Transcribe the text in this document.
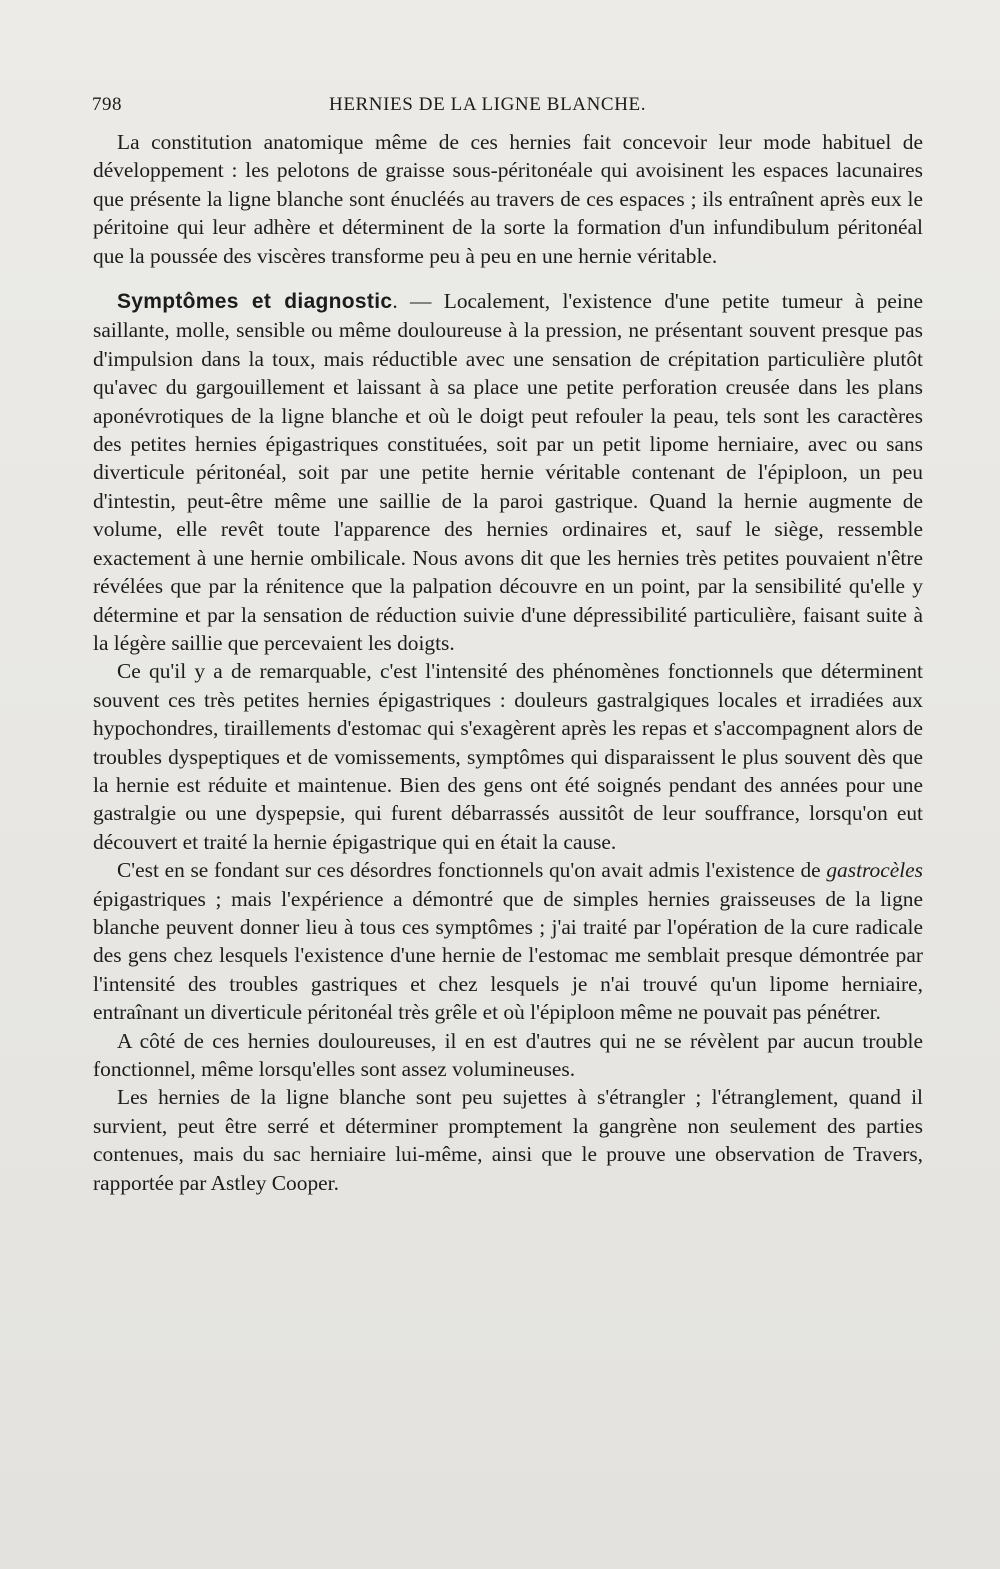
798	HERNIES DE LA LIGNE BLANCHE.

La constitution anatomique même de ces hernies fait concevoir leur mode habituel de développement : les pelotons de graisse sous-péritonéale qui avoisinent les espaces lacunaires que présente la ligne blanche sont énucléés au travers de ces espaces ; ils entraînent après eux le péritoine qui leur adhère et déterminent de la sorte la formation d'un infundibulum péritonéal que la poussée des viscères transforme peu à peu en une hernie véritable.

Symptômes et diagnostic. — Localement, l'existence d'une petite tumeur à peine saillante, molle, sensible ou même douloureuse à la pression, ne présentant souvent presque pas d'impulsion dans la toux, mais réductible avec une sensation de crépitation particulière plutôt qu'avec du gargouillement et laissant à sa place une petite perforation creusée dans les plans aponévrotiques de la ligne blanche et où le doigt peut refouler la peau, tels sont les caractères des petites hernies épigastriques constituées, soit par un petit lipome herniaire, avec ou sans diverticule péritonéal, soit par une petite hernie véritable contenant de l'épiploon, un peu d'intestin, peut-être même une saillie de la paroi gastrique. Quand la hernie augmente de volume, elle revêt toute l'apparence des hernies ordinaires et, sauf le siège, ressemble exactement à une hernie ombilicale. Nous avons dit que les hernies très petites pouvaient n'être révélées que par la rénitence que la palpation découvre en un point, par la sensibilité qu'elle y détermine et par la sensation de réduction suivie d'une dépressibilité particulière, faisant suite à la légère saillie que percevaient les doigts.

Ce qu'il y a de remarquable, c'est l'intensité des phénomènes fonctionnels que déterminent souvent ces très petites hernies épigastriques : douleurs gastralgiques locales et irradiées aux hypochondres, tiraillements d'estomac qui s'exagèrent après les repas et s'accompagnent alors de troubles dyspeptiques et de vomissements, symptômes qui disparaissent le plus souvent dès que la hernie est réduite et maintenue. Bien des gens ont été soignés pendant des années pour une gastralgie ou une dyspepsie, qui furent débarrassés aussitôt de leur souffrance, lorsqu'on eut découvert et traité la hernie épigastrique qui en était la cause.

C'est en se fondant sur ces désordres fonctionnels qu'on avait admis l'existence de gastrocèles épigastriques ; mais l'expérience a démontré que de simples hernies graisseuses de la ligne blanche peuvent donner lieu à tous ces symptômes ; j'ai traité par l'opération de la cure radicale des gens chez lesquels l'existence d'une hernie de l'estomac me semblait presque démontrée par l'intensité des troubles gastriques et chez lesquels je n'ai trouvé qu'un lipome herniaire, entraînant un diverticule péritonéal très grêle et où l'épiploon même ne pouvait pas pénétrer.

A côté de ces hernies douloureuses, il en est d'autres qui ne se révèlent par aucun trouble fonctionnel, même lorsqu'elles sont assez volumineuses.

Les hernies de la ligne blanche sont peu sujettes à s'étrangler ; l'étranglement, quand il survient, peut être serré et déterminer promptement la gangrène non seulement des parties contenues, mais du sac herniaire lui-même, ainsi que le prouve une observation de Travers, rapportée par Astley Cooper.
